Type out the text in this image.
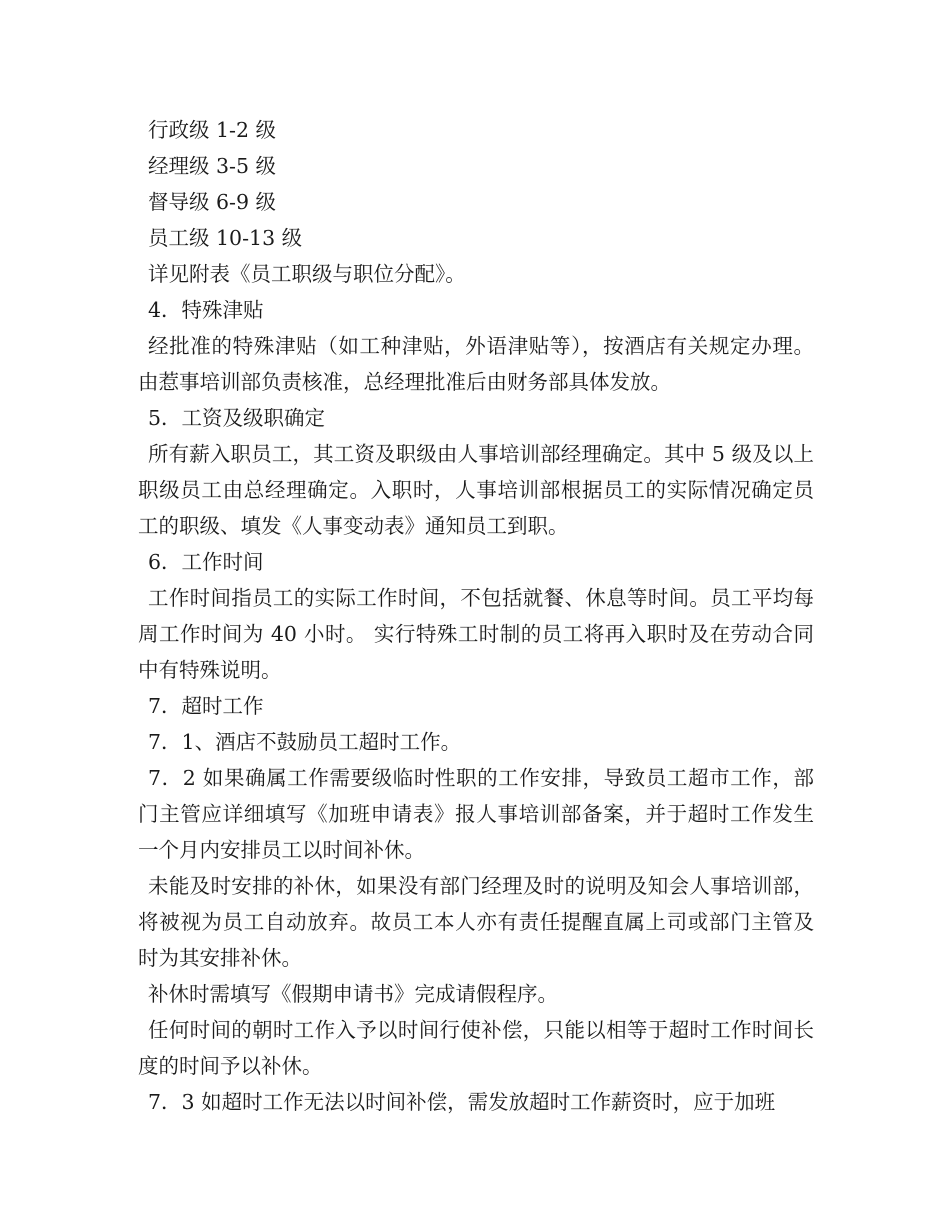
行政级 1-2 级

经理级 3-5 级

督导级 6-9 级

员工级 10-13 级

详见附表《员工职级与职位分配》。

4．特殊津贴

经批准的特殊津贴（如工种津贴，外语津贴等），按酒店有关规定办理。由惹事培训部负责核准，总经理批准后由财务部具体发放。

5．工资及级职确定

所有薪入职员工，其工资及职级由人事培训部经理确定。其中 5 级及以上职级员工由总经理确定。入职时，人事培训部根据员工的实际情况确定员工的职级、填发《人事变动表》通知员工到职。

6．工作时间

工作时间指员工的实际工作时间，不包括就餐、休息等时间。员工平均每周工作时间为 40 小时。 实行特殊工时制的员工将再入职时及在劳动合同中有特殊说明。

7．超时工作

7．1、酒店不鼓励员工超时工作。

7．2 如果确属工作需要级临时性职的工作安排，导致员工超市工作，部门主管应详细填写《加班申请表》报人事培训部备案，并于超时工作发生一个月内安排员工以时间补休。

未能及时安排的补休，如果没有部门经理及时的说明及知会人事培训部，将被视为员工自动放弃。故员工本人亦有责任提醒直属上司或部门主管及时为其安排补休。

补休时需填写《假期申请书》完成请假程序。

任何时间的朝时工作入予以时间行使补偿，只能以相等于超时工作时间长度的时间予以补休。

7．3 如超时工作无法以时间补偿，需发放超时工作薪资时，应于加班
